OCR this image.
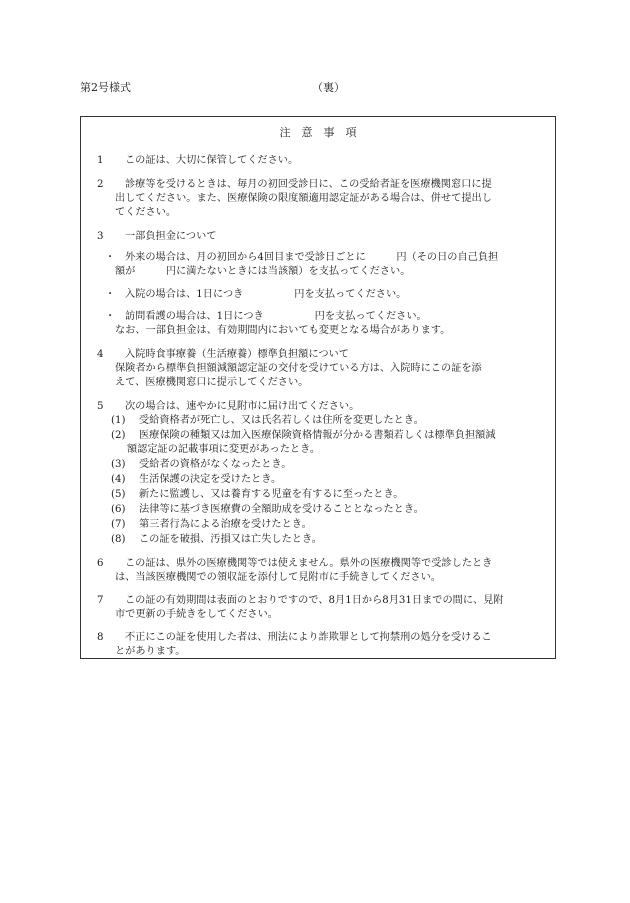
第2号様式	（裏）
注　意　事　項
1 この証は、大切に保管してください。
2 診療等を受けるときは、毎月の初回受診日に、この受給者証を医療機関窓口に提
出してください。また、医療保険の限度額適用認定証がある場合は、併せて提出し
てください。
3 一部負担金について
・ 外来の場合は、月の初回から4回目まで受診日ごとに　　　円（その日の自己負担
額が　　　円に満たないときには当該額）を支払ってください。
・ 入院の場合は、1日につき　　　　　円を支払ってください。
・ 訪問看護の場合は、1日につき　　　　　円を支払ってください。
なお、一部負担金は、有効期間内においても変更となる場合があります。
4 入院時食事療養（生活療養）標準負担額について
保険者から標準負担額減額認定証の交付を受けている方は、入院時にこの証を添
えて、医療機関窓口に提示してください。
5 次の場合は、速やかに見附市に届け出てください。
(1) 受給資格者が死亡し、又は氏名若しくは住所を変更したとき。
(2) 医療保険の種類又は加入医療保険資格情報が分かる書類若しくは標準負担額減
額認定証の記載事項に変更があったとき。
(3) 受給者の資格がなくなったとき。
(4) 生活保護の決定を受けたとき。
(5) 新たに監護し、又は養育する児童を有するに至ったとき。
(6) 法律等に基づき医療費の全額助成を受けることとなったとき。
(7) 第三者行為による治療を受けたとき。
(8) この証を破損、汚損又は亡失したとき。
6 この証は、県外の医療機関等では使えません。県外の医療機関等で受診したとき
は、当該医療機関での領収証を添付して見附市に手続きしてください。
7 この証の有効期間は表面のとおりですので、8月1日から8月31日までの間に、見附
市で更新の手続きをしてください。
8 不正にこの証を使用した者は、刑法により詐欺罪として拘禁刑の処分を受けるこ
とがあります。
